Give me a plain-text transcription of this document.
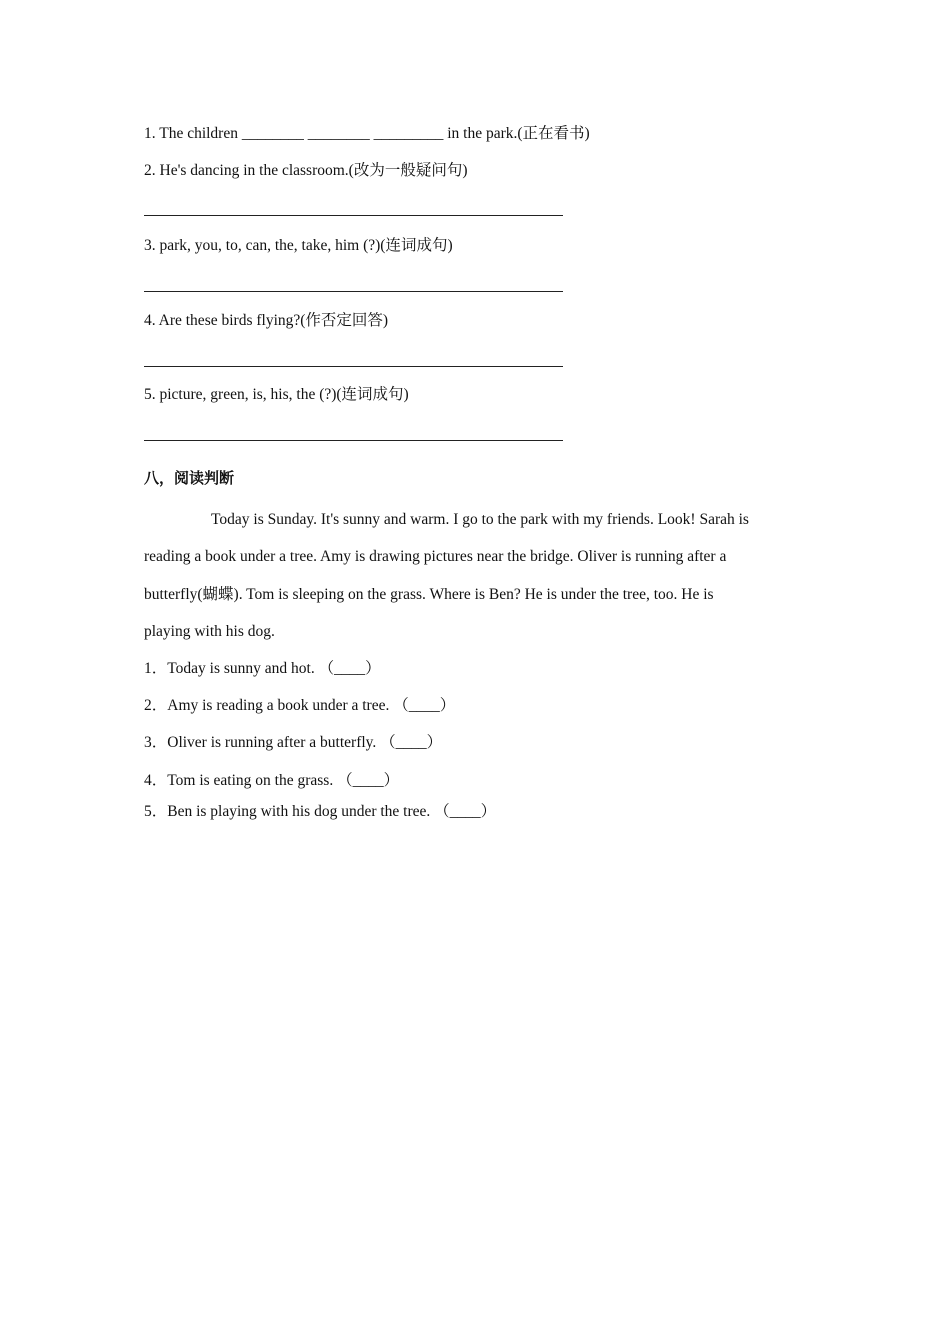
1. The children ________ ________ _________ in the park.(正在看书)
2. He's dancing in the classroom.(改为一般疑问句)
3. park, you, to, can, the, take, him (?)(连词成句)
4. Are these birds flying?(作否定回答)
5. picture, green, is, his, the (?)(连词成句)
八，阅读判断
Today is Sunday. It's sunny and warm. I go to the park with my friends. Look! Sarah is
reading a book under a tree. Amy is drawing pictures near the bridge. Oliver is running after a
butterfly(蝴蝶). Tom is sleeping on the grass. Where is Ben? He is under the tree, too. He is
playing with his dog.
1．Today is sunny and hot. （____）
2．Amy is reading a book under a tree. （____）
3．Oliver is running after a butterfly. （____）
4．Tom is eating on the grass. （____）
5．Ben is playing with his dog under the tree. （____）
